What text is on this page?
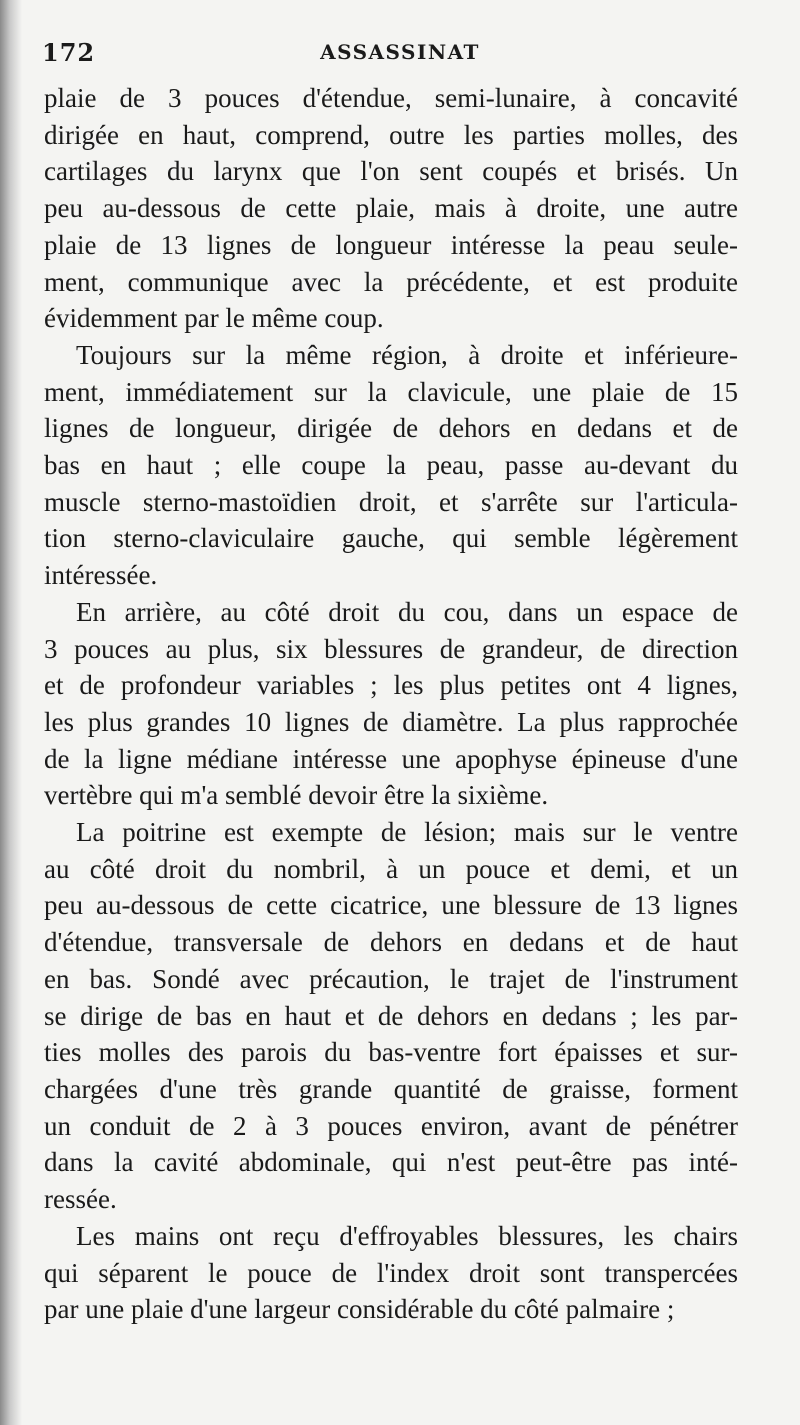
172	ASSASSINAT
plaie de 3 pouces d'étendue, semi-lunaire, à concavité
dirigée en haut, comprend, outre les parties molles, des
cartilages du larynx que l'on sent coupés et brisés. Un
peu au-dessous de cette plaie, mais à droite, une autre
plaie de 13 lignes de longueur intéresse la peau seule-
ment, communique avec la précédente, et est produite
évidemment par le même coup.
Toujours sur la même région, à droite et inférieure-
ment, immédiatement sur la clavicule, une plaie de 15
lignes de longueur, dirigée de dehors en dedans et de
bas en haut ; elle coupe la peau, passe au-devant du
muscle sterno-mastoïdien droit, et s'arrête sur l'articula-
tion sterno-claviculaire gauche, qui semble légèrement
intéressée.
En arrière, au côté droit du cou, dans un espace de
3 pouces au plus, six blessures de grandeur, de direction
et de profondeur variables ; les plus petites ont 4 lignes,
les plus grandes 10 lignes de diamètre. La plus rapprochée
de la ligne médiane intéresse une apophyse épineuse d'une
vertèbre qui m'a semblé devoir être la sixième.
La poitrine est exempte de lésion; mais sur le ventre
au côté droit du nombril, à un pouce et demi, et un
peu au-dessous de cette cicatrice, une blessure de 13 lignes
d'étendue, transversale de dehors en dedans et de haut
en bas. Sondé avec précaution, le trajet de l'instrument
se dirige de bas en haut et de dehors en dedans ; les par-
ties molles des parois du bas-ventre fort épaisses et sur-
chargées d'une très grande quantité de graisse, forment
un conduit de 2 à 3 pouces environ, avant de pénétrer
dans la cavité abdominale, qui n'est peut-être pas inté-
ressée.
Les mains ont reçu d'effroyables blessures, les chairs
qui séparent le pouce de l'index droit sont transpercées
par une plaie d'une largeur considérable du côté palmaire ;
